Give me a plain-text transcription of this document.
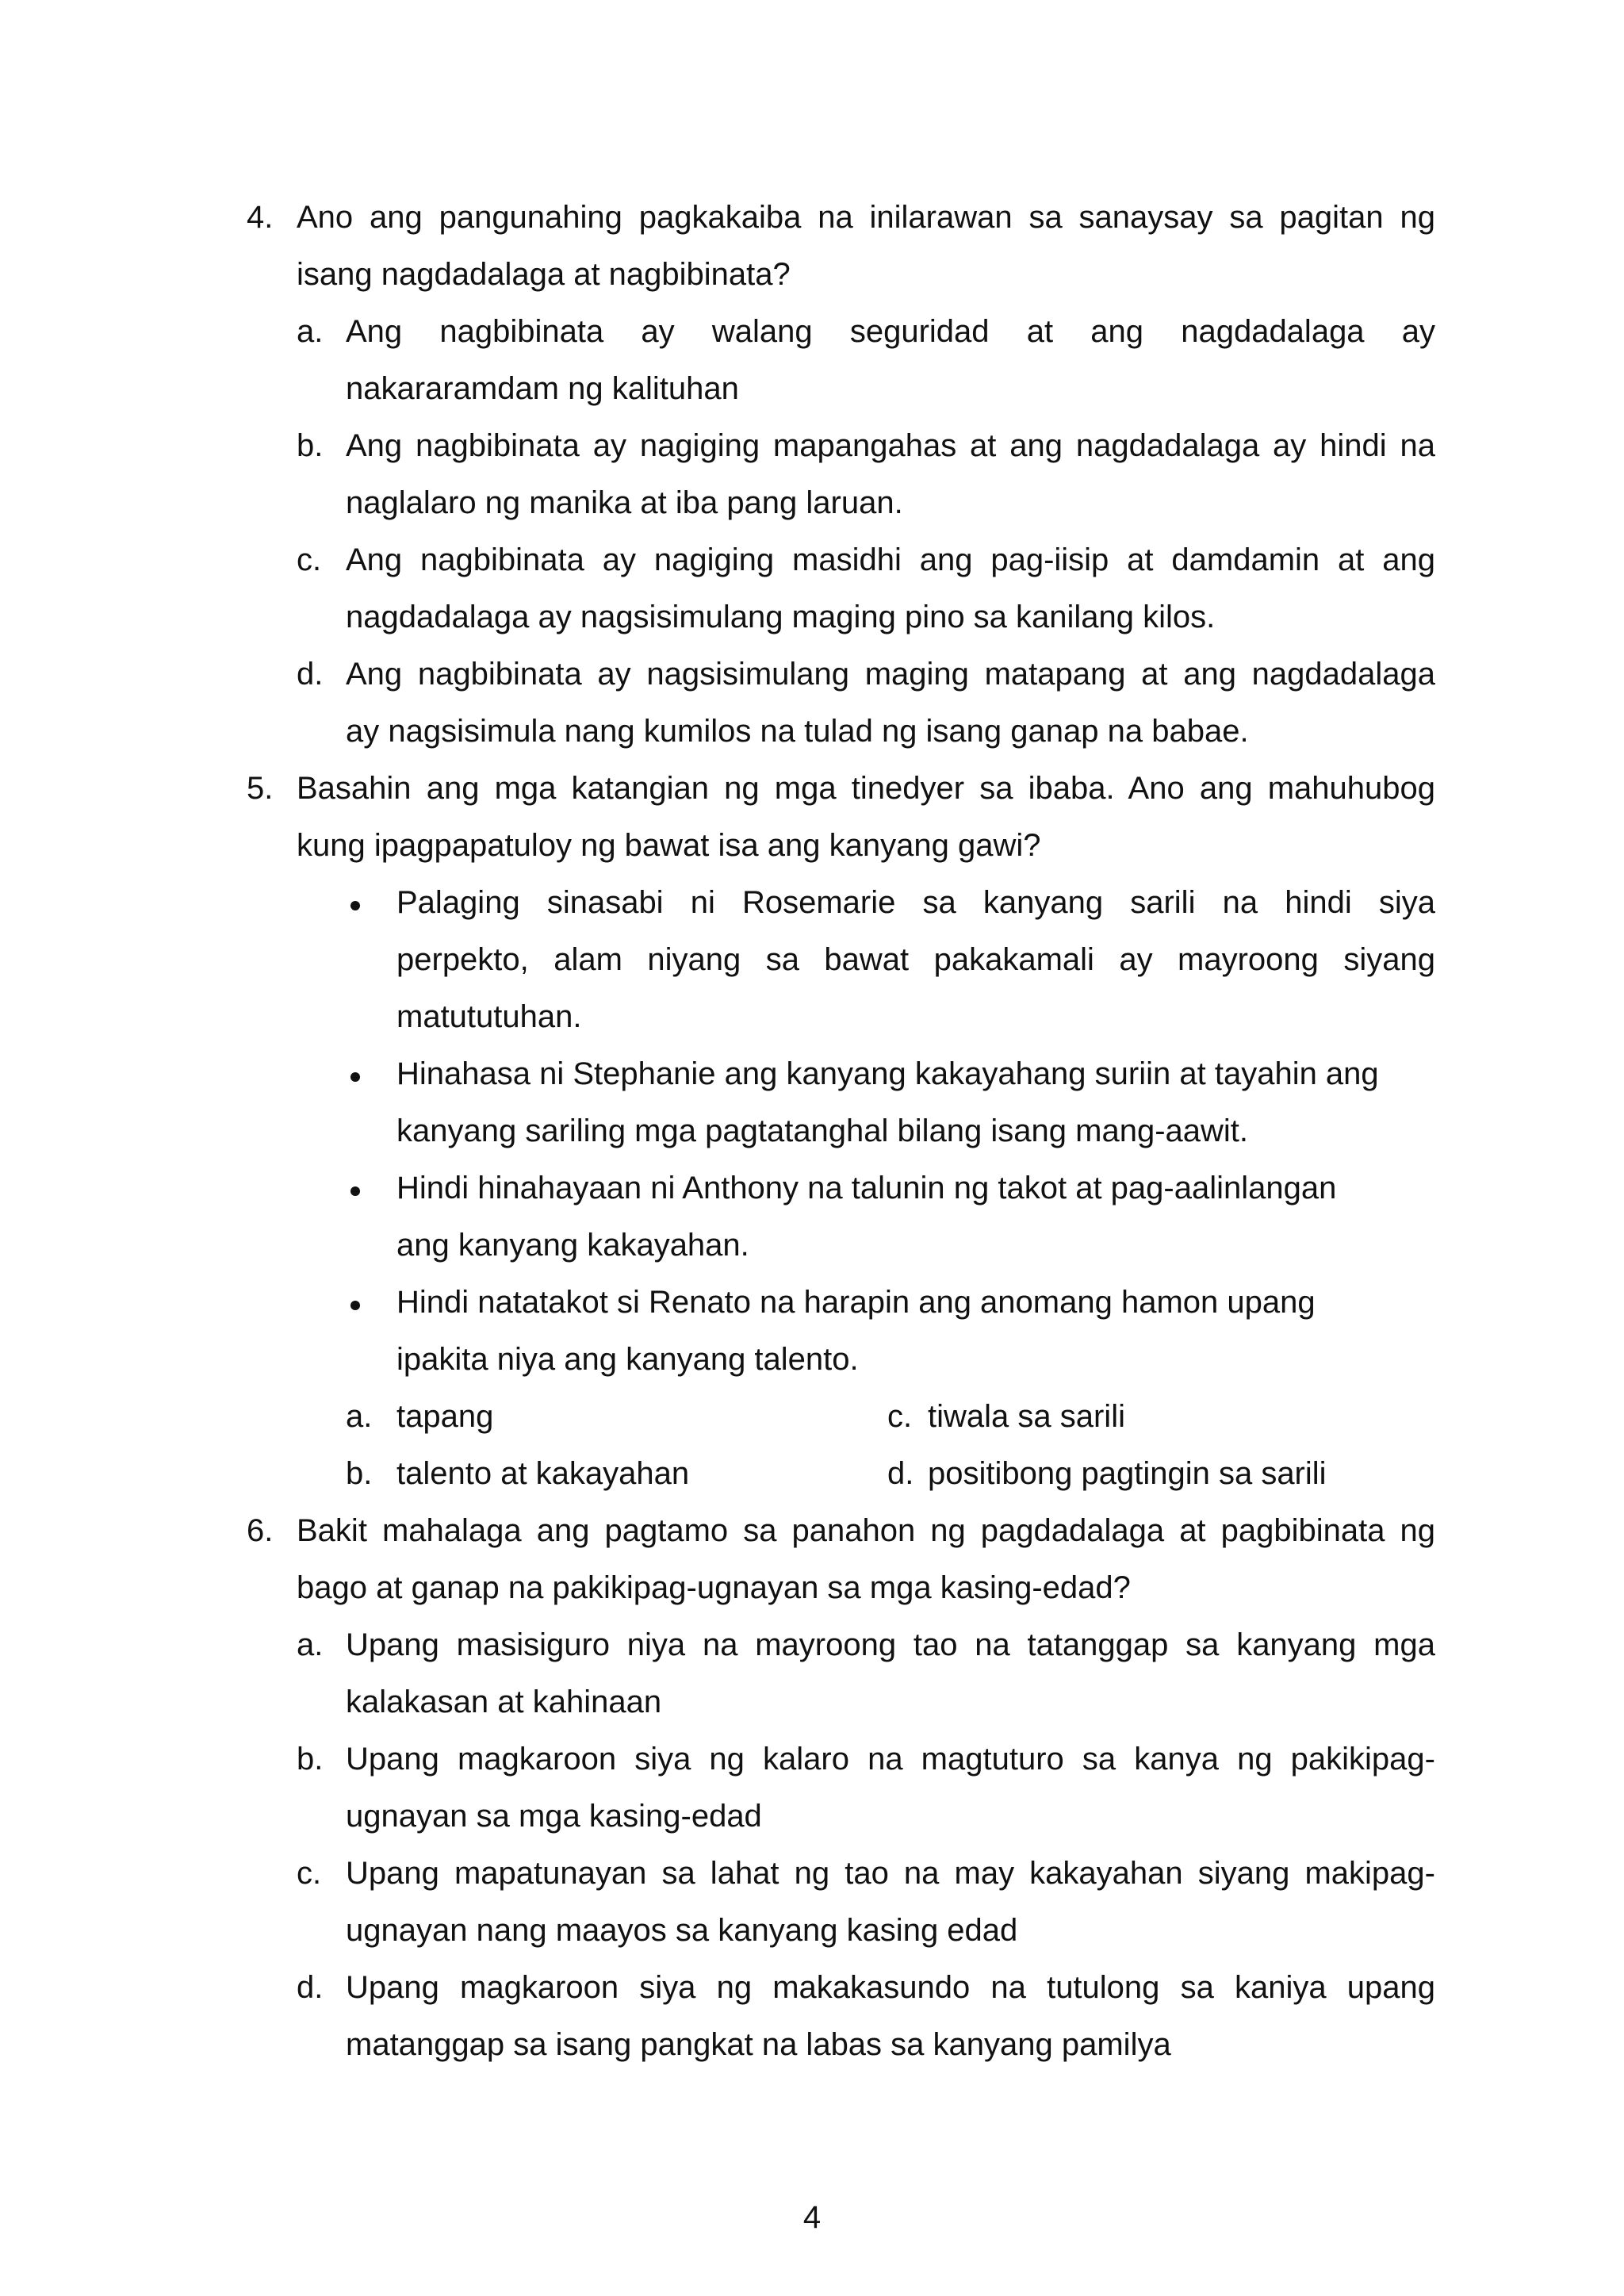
4. Ano ang pangunahing pagkakaiba na inilarawan sa sanaysay sa pagitan ng
isang nagdadalaga at nagbibinata?
a. Ang nagbibinata ay walang seguridad at ang nagdadalaga ay
nakararamdam ng kalituhan
b. Ang nagbibinata ay nagiging mapangahas at ang nagdadalaga ay hindi na
naglalaro ng manika at iba pang laruan.
c. Ang nagbibinata ay nagiging masidhi ang pag-iisip at damdamin at ang
nagdadalaga ay nagsisimulang maging pino sa kanilang kilos.
d. Ang nagbibinata ay nagsisimulang maging matapang at ang nagdadalaga
ay nagsisimula nang kumilos na tulad ng isang ganap na babae.
5. Basahin ang mga katangian ng mga tinedyer sa ibaba. Ano ang mahuhubog
kung ipagpapatuloy ng bawat isa ang kanyang gawi?
Palaging sinasabi ni Rosemarie sa kanyang sarili na hindi siya
perpekto, alam niyang sa bawat pakakamali ay mayroong siyang
matututuhan.
Hinahasa ni Stephanie ang kanyang kakayahang suriin at tayahin ang
kanyang sariling mga pagtatanghal bilang isang mang-aawit.
Hindi hinahayaan ni Anthony na talunin ng takot at pag-aalinlangan
ang kanyang kakayahan.
Hindi natatakot si Renato na harapin ang anomang hamon upang
ipakita niya ang kanyang talento.
a. tapang	c. tiwala sa sarili
b. talento at kakayahan	d. positibong pagtingin sa sarili
6. Bakit mahalaga ang pagtamo sa panahon ng pagdadalaga at pagbibinata ng
bago at ganap na pakikipag-ugnayan sa mga kasing-edad?
a. Upang masisiguro niya na mayroong tao na tatanggap sa kanyang mga
kalakasan at kahinaan
b. Upang magkaroon siya ng kalaro na magtuturo sa kanya ng pakikipag-
ugnayan sa mga kasing-edad
c. Upang mapatunayan sa lahat ng tao na may kakayahan siyang makipag-
ugnayan nang maayos sa kanyang kasing edad
d. Upang magkaroon siya ng makakasundo na tutulong sa kaniya upang
matanggap sa isang pangkat na labas sa kanyang pamilya
4
